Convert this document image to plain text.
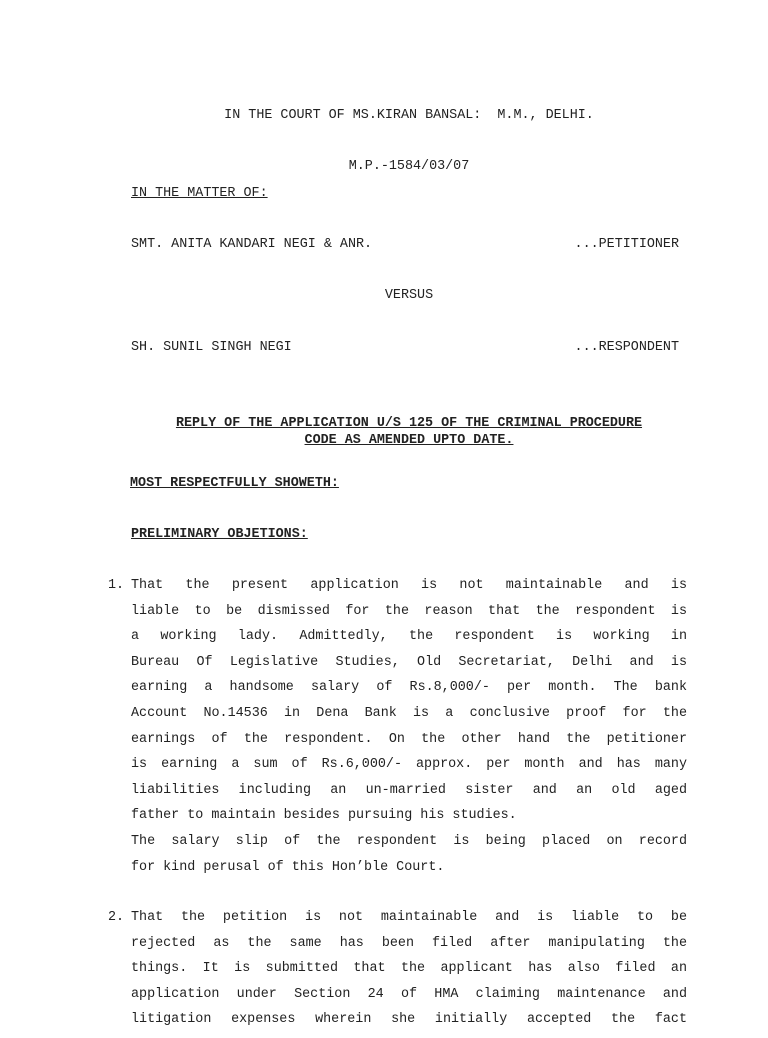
IN THE COURT OF MS.KIRAN BANSAL:  M.M., DELHI.
M.P.-1584/03/07
IN THE MATTER OF:
SMT. ANITA KANDARI NEGI & ANR.	...PETITIONER
VERSUS
SH. SUNIL SINGH NEGI	...RESPONDENT
REPLY OF THE APPLICATION U/S 125 OF THE CRIMINAL PROCEDURE
CODE AS AMENDED UPTO DATE.
MOST RESPECTFULLY SHOWETH:
PRELIMINARY OBJETIONS:
1. That the present application is not maintainable and is
liable to be dismissed for the reason that the respondent is
a working lady. Admittedly, the respondent is working in
Bureau Of Legislative Studies, Old Secretariat, Delhi and is
earning a handsome salary of Rs.8,000/- per month. The bank
Account No.14536 in Dena Bank is a conclusive proof for the
earnings of the respondent. On the other hand the petitioner
is earning a sum of Rs.6,000/- approx. per month and has many
liabilities including an un-married sister and an old aged
father to maintain besides pursuing his studies.
The salary slip of the respondent is being placed on record
for kind perusal of this Hon’ble Court.
2. That the petition is not maintainable and is liable to be
rejected as the same has been filed after manipulating the
things. It is submitted that the applicant has also filed an
application under Section 24 of HMA claiming maintenance and
litigation expenses wherein she initially accepted the fact
